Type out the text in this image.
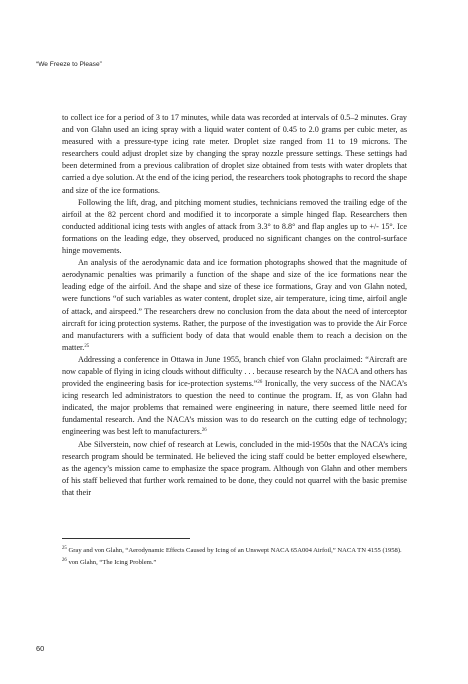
“We Freeze to Please”

to collect ice for a period of 3 to 17 minutes, while data was recorded at intervals of 0.5–2 minutes. Gray and von Glahn used an icing spray with a liquid water content of 0.45 to 2.0 grams per cubic meter, as measured with a pressure-type icing rate meter. Droplet size ranged from 11 to 19 microns. The researchers could adjust droplet size by changing the spray nozzle pressure settings. These settings had been determined from a previous calibration of droplet size obtained from tests with water droplets that carried a dye solution. At the end of the icing period, the researchers took photographs to record the shape and size of the ice formations.

Following the lift, drag, and pitching moment studies, technicians removed the trailing edge of the airfoil at the 82 percent chord and modified it to incorporate a simple hinged flap. Researchers then conducted additional icing tests with angles of attack from 3.3° to 8.8° and flap angles up to +/- 15°. Ice formations on the leading edge, they observed, produced no significant changes on the control-surface hinge movements.

An analysis of the aerodynamic data and ice formation photographs showed that the magnitude of aerodynamic penalties was primarily a function of the shape and size of the ice formations near the leading edge of the airfoil. And the shape and size of these ice formations, Gray and von Glahn noted, were functions “of such variables as water content, droplet size, air temperature, icing time, airfoil angle of attack, and airspeed.” The researchers drew no conclusion from the data about the need of interceptor aircraft for icing protection systems. Rather, the purpose of the investigation was to provide the Air Force and manufacturers with a sufficient body of data that would enable them to reach a decision on the matter.$^{25}$

Addressing a conference in Ottawa in June 1955, branch chief von Glahn proclaimed: “Aircraft are now capable of flying in icing clouds without difficulty . . . because research by the NACA and others has provided the engineering basis for ice-protection systems.”$^{26}$ Ironically, the very success of the NACA’s icing research led administrators to question the need to continue the program. If, as von Glahn had indicated, the major problems that remained were engineering in nature, there seemed little need for fundamental research. And the NACA’s mission was to do research on the cutting edge of technology; engineering was best left to manufacturers.$^{26}$

Abe Silverstein, now chief of research at Lewis, concluded in the mid-1950s that the NACA’s icing research program should be terminated. He believed the icing staff could be better employed elsewhere, as the agency’s mission came to emphasize the space program. Although von Glahn and other members of his staff believed that further work remained to be done, they could not quarrel with the basic premise that their

$^{25}$ Gray and von Glahn, “Aerodynamic Effects Caused by Icing of an Unswept NACA 65A004 Airfoil,” NACA TN 4155 (1958).

$^{26}$ von Glahn, “The Icing Problem.”

60
